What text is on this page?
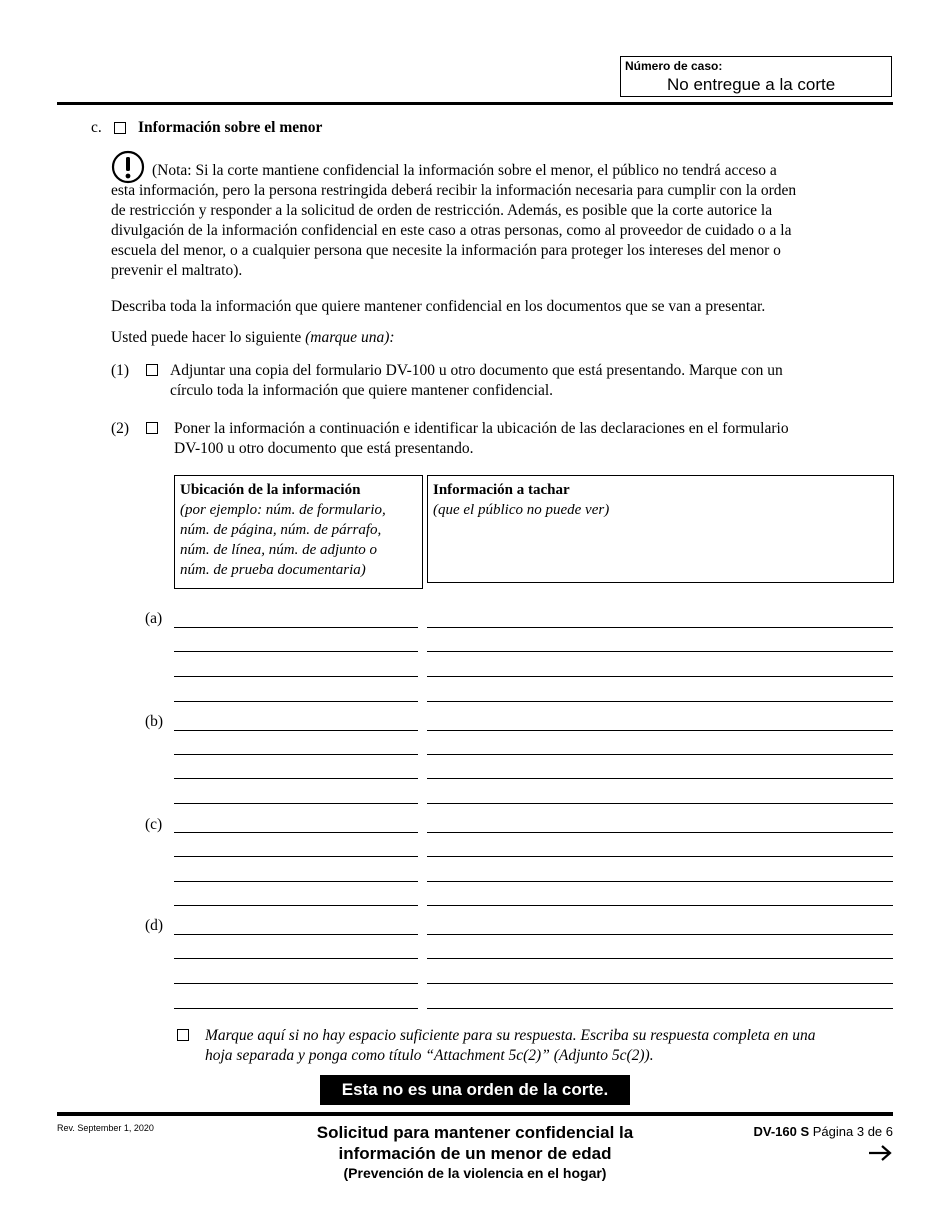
Número de caso:
No entregue a la corte
c. Información sobre el menor
(Nota: Si la corte mantiene confidencial la información sobre el menor, el público no tendrá acceso a
esta información, pero la persona restringida deberá recibir la información necesaria para cumplir con la orden
de restricción y responder a la solicitud de orden de restricción. Además, es posible que la corte autorice la
divulgación de la información confidencial en este caso a otras personas, como al proveedor de cuidado o a la
escuela del menor, o a cualquier persona que necesite la información para proteger los intereses del menor o
prevenir el maltrato).
Describa toda la información que quiere mantener confidencial en los documentos que se van a presentar.
Usted puede hacer lo siguiente (marque una):
(1)	Adjuntar una copia del formulario DV-100 u otro documento que está presentando. Marque con un
círculo toda la información que quiere mantener confidencial.
(2)	Poner la información a continuación e identificar la ubicación de las declaraciones en el formulario
DV-100 u otro documento que está presentando.
Ubicación de la información
(por ejemplo: núm. de formulario,
núm. de página, núm. de párrafo,
núm. de línea, núm. de adjunto o
núm. de prueba documentaria)
Información a tachar
(que el público no puede ver)
(a)
(b)
(c)
(d)
Marque aquí si no hay espacio suficiente para su respuesta. Escriba su respuesta completa en una
hoja separada y ponga como título “Attachment 5c(2)” (Adjunto 5c(2)).
Esta no es una orden de la corte.
Rev. September 1, 2020	Solicitud para mantener confidencial la
información de un menor de edad
(Prevención de la violencia en el hogar)
DV-160 S Página 3 de 6
